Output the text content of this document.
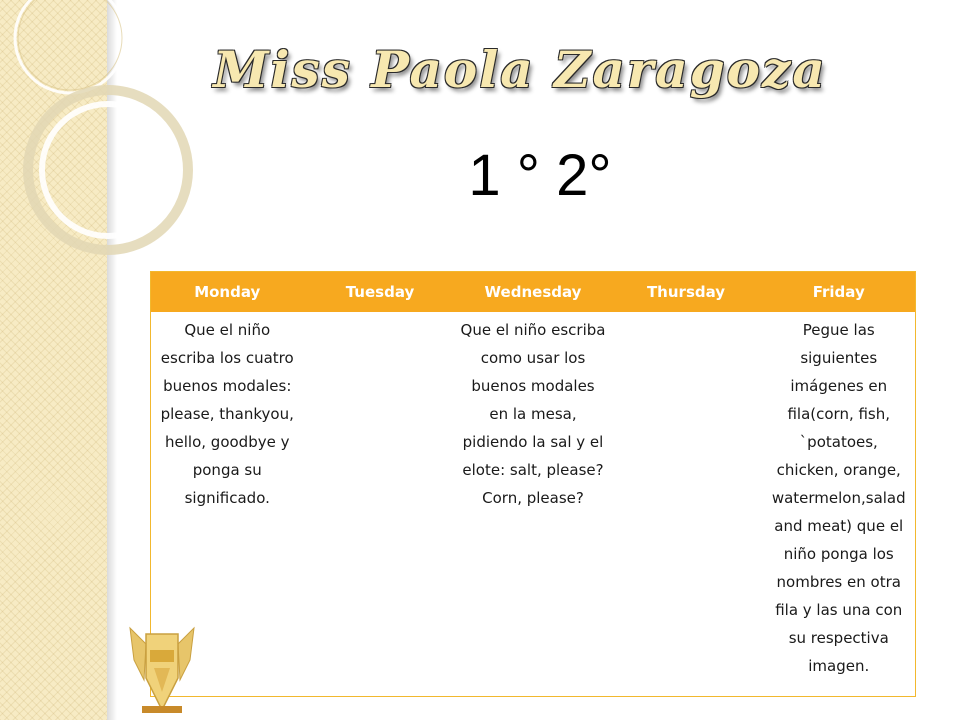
Miss Paola Zaragoza
1 ° 2°
Monday	Tuesday	Wednesday	Thursday	Friday
Que el niño escriba los cuatro buenos modales: please, thankyou, hello, goodbye y ponga su significado.		Que el niño escriba como usar los buenos modales en la mesa, pidiendo la sal y el elote: salt, please? Corn, please?		Pegue las siguientes imágenes en fila(corn, fish, `potatoes, chicken, orange, watermelon,salad and meat) que el niño ponga los nombres en otra fila y las una con su respectiva imagen.
